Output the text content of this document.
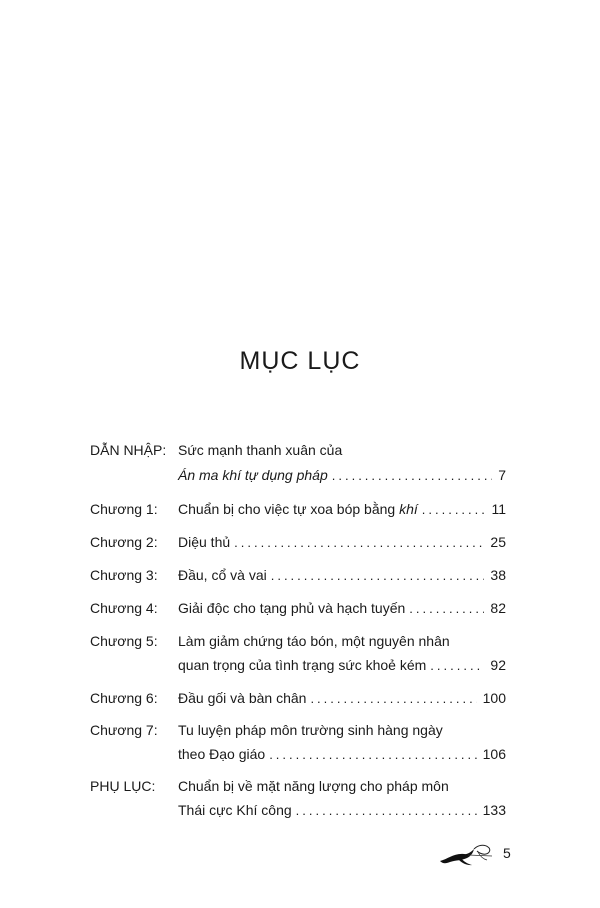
MỤC LỤC
DẪN NHẬP: Sức mạnh thanh xuân của
Án ma khí tự dụng pháp .....	7
Chương 1:	Chuẩn bị cho việc tự xoa bóp bằng khí .....	11
Chương 2:	Diệu thủ .....	25
Chương 3:	Đầu, cổ và vai .....	38
Chương 4:	Giải độc cho tạng phủ và hạch tuyến .....	82
Chương 5:	Làm giảm chứng táo bón, một nguyên nhân
quan trọng của tình trạng sức khoẻ kém .....	92
Chương 6:	Đầu gối và bàn chân .....	100
Chương 7:	Tu luyện pháp môn trường sinh hàng ngày
theo Đạo giáo .....	106
PHỤ LỤC:	Chuẩn bị về mặt năng lượng cho pháp môn
Thái cực Khí công .....	133
5
